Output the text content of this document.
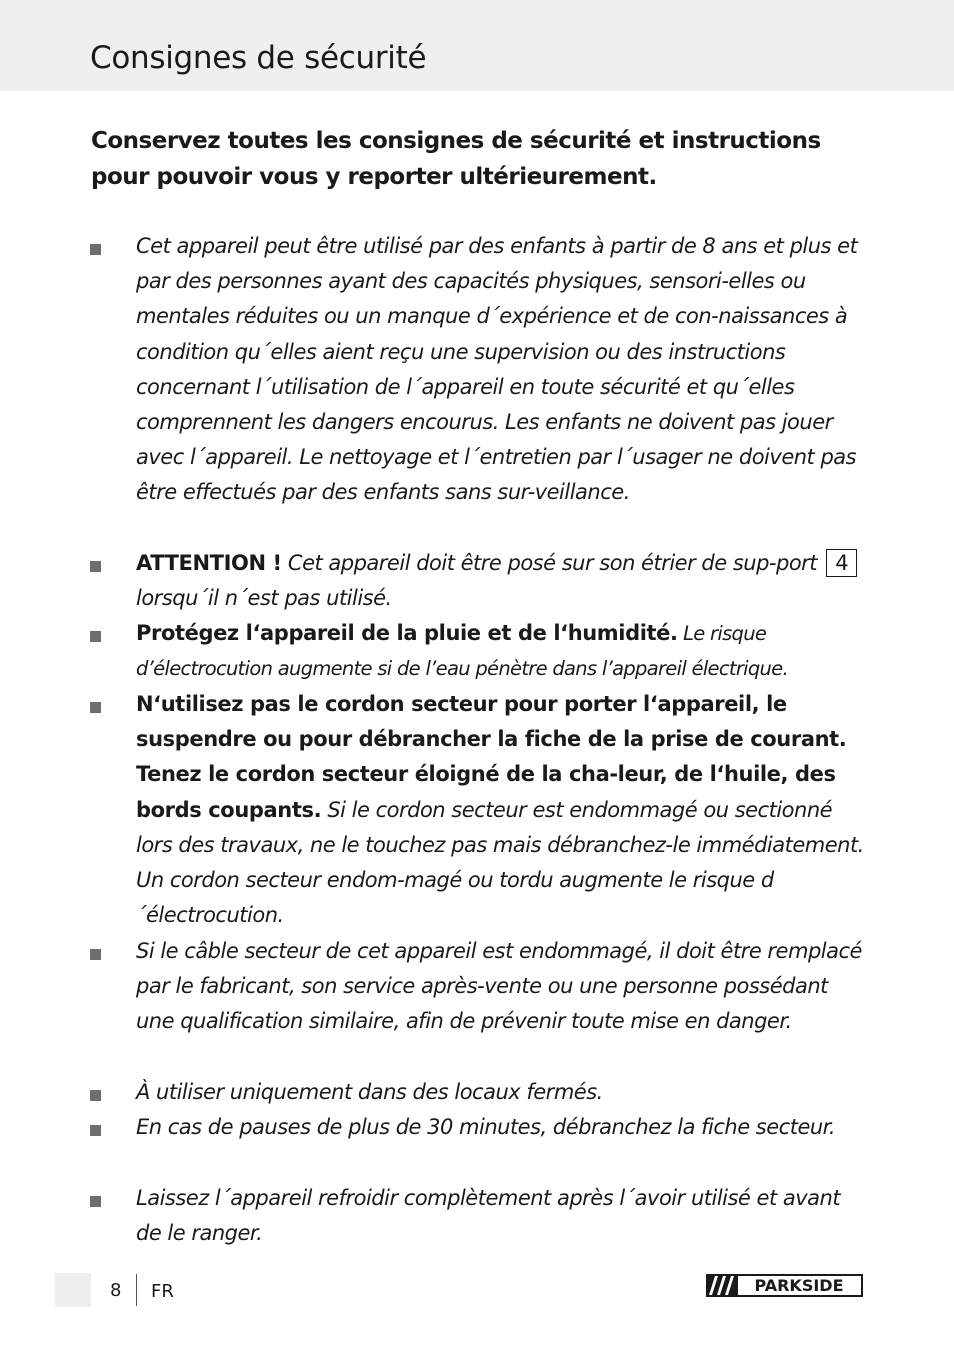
Consignes de sécurité
Conservez toutes les consignes de sécurité et instructions pour pouvoir vous y reporter ultérieurement.
Cet appareil peut être utilisé par des enfants à partir de 8 ans et plus et par des personnes ayant des capacités physiques, sensori-elles ou mentales réduites ou un manque d´expérience et de con-naissances à condition qu´elles aient reçu une supervision ou des instructions concernant l´utilisation de l´appareil en toute sécurité et qu´elles comprennent les dangers encourus. Les enfants ne doivent pas jouer avec l´appareil. Le nettoyage et l´entretien par l´usager ne doivent pas être effectués par des enfants sans sur-veillance.
ATTENTION ! Cet appareil doit être posé sur son étrier de sup-port 4 lorsqu´il n´est pas utilisé.
Protégez l‘appareil de la pluie et de l‘humidité. Le risque d’électrocution augmente si de l’eau pénètre dans l’appareil électrique.
N‘utilisez pas le cordon secteur pour porter l‘appareil, le suspendre ou pour débrancher la fiche de la prise de courant. Tenez le cordon secteur éloigné de la cha-leur, de l‘huile, des bords coupants. Si le cordon secteur est endommagé ou sectionné lors des travaux, ne le touchez pas mais débranchez-le immédiatement. Un cordon secteur endom-magé ou tordu augmente le risque d´électrocution.
Si le câble secteur de cet appareil est endommagé, il doit être remplacé par le fabricant, son service après-vente ou une personne possédant une qualification similaire, afin de prévenir toute mise en danger.
À utiliser uniquement dans des locaux fermés.
En cas de pauses de plus de 30 minutes, débranchez la fiche secteur.
Laissez l´appareil refroidir complètement après l´avoir utilisé et avant de le ranger.
8 FR	PARKSIDE
